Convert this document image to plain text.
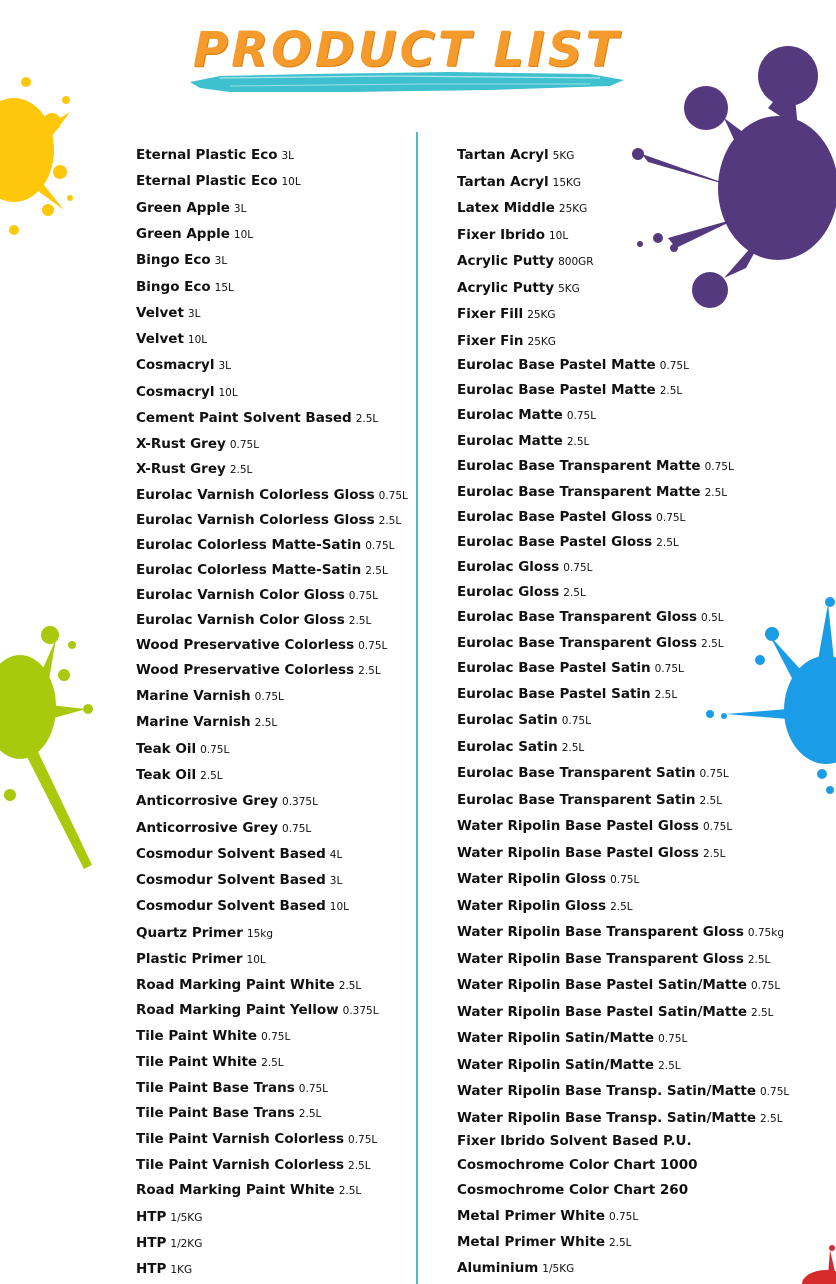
PRODUCT LIST
Eternal Plastic Eco 3L
Eternal Plastic Eco 10L
Green Apple 3L
Green Apple 10L
Bingo Eco 3L
Bingo Eco 15L
Velvet 3L
Velvet 10L
Cosmacryl 3L
Cosmacryl 10L
Cement Paint Solvent Based 2.5L
X-Rust Grey 0.75L
X-Rust Grey 2.5L
Eurolac Varnish Colorless Gloss 0.75L
Eurolac Varnish Colorless Gloss 2.5L
Eurolac Colorless Matte-Satin 0.75L
Eurolac Colorless Matte-Satin 2.5L
Eurolac Varnish Color Gloss 0.75L
Eurolac Varnish Color Gloss 2.5L
Wood Preservative Colorless 0.75L
Wood Preservative Colorless 2.5L
Marine Varnish 0.75L
Marine Varnish 2.5L
Teak Oil 0.75L
Teak Oil 2.5L
Anticorrosive Grey 0.375L
Anticorrosive Grey 0.75L
Cosmodur Solvent Based 4L
Cosmodur Solvent Based 3L
Cosmodur Solvent Based 10L
Quartz Primer 15kg
Plastic Primer 10L
Road Marking Paint White 2.5L
Road Marking Paint Yellow 0.375L
Tile Paint White 0.75L
Tile Paint White 2.5L
Tile Paint Base Trans 0.75L
Tile Paint Base Trans 2.5L
Tile Paint Varnish Colorless 0.75L
Tile Paint Varnish Colorless 2.5L
Road Marking Paint White 2.5L
HTP 1/5KG
HTP 1/2KG
HTP 1KG
Tartan Acryl 5KG
Tartan Acryl 15KG
Latex Middle 25KG
Fixer Ibrido 10L
Acrylic Putty 800GR
Acrylic Putty 5KG
Fixer Fill 25KG
Fixer Fin 25KG
Eurolac Base Pastel Matte 0.75L
Eurolac Base Pastel Matte 2.5L
Eurolac Matte 0.75L
Eurolac Matte 2.5L
Eurolac Base Transparent Matte 0.75L
Eurolac Base Transparent Matte 2.5L
Eurolac Base Pastel Gloss 0.75L
Eurolac Base Pastel Gloss 2.5L
Eurolac Gloss 0.75L
Eurolac Gloss 2.5L
Eurolac Base Transparent Gloss 0.5L
Eurolac Base Transparent Gloss 2.5L
Eurolac Base Pastel Satin 0.75L
Eurolac Base Pastel Satin 2.5L
Eurolac Satin 0.75L
Eurolac Satin 2.5L
Eurolac Base Transparent Satin 0.75L
Eurolac Base Transparent Satin 2.5L
Water Ripolin Base Pastel Gloss 0.75L
Water Ripolin Base Pastel Gloss 2.5L
Water Ripolin Gloss 0.75L
Water Ripolin Gloss 2.5L
Water Ripolin Base Transparent Gloss 0.75kg
Water Ripolin Base Transparent Gloss 2.5L
Water Ripolin Base Pastel Satin/Matte 0.75L
Water Ripolin Base Pastel Satin/Matte 2.5L
Water Ripolin Satin/Matte 0.75L
Water Ripolin Satin/Matte 2.5L
Water Ripolin Base Transp. Satin/Matte 0.75L
Water Ripolin Base Transp. Satin/Matte 2.5L
Fixer Ibrido Solvent Based P.U.
Cosmochrome Color Chart 1000
Cosmochrome Color Chart 260
Metal Primer White 0.75L
Metal Primer White 2.5L
Aluminium 1/5KG
